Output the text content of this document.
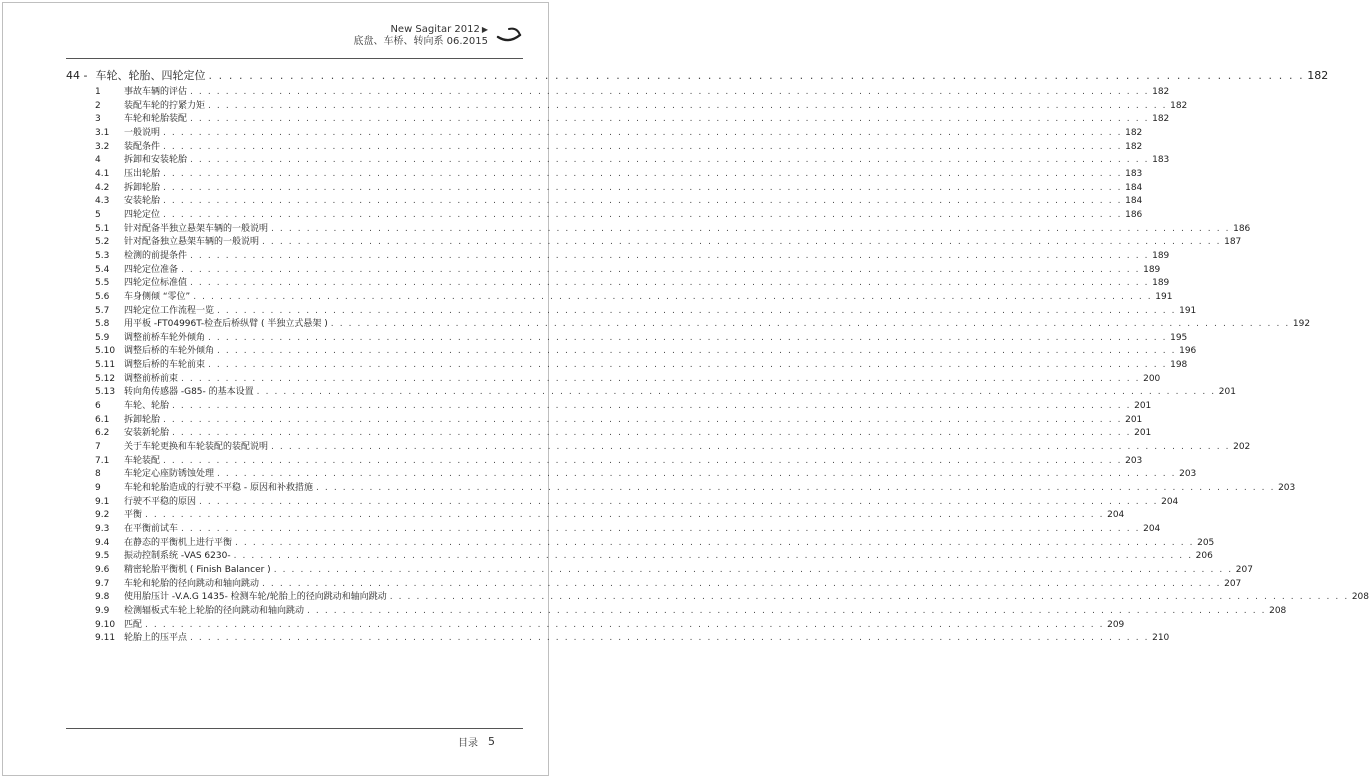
New Sagitar 2012 ▶
底盘、车桥、转向系 06.2015
44 - 车轮、轮胎、四轮定位 . . .	182
1	事故车辆的评估 . . .	182
2	装配车轮的拧紧力矩 . . .	182
3	车轮和轮胎装配 . . .	182
3.1	一般说明 . . .	182
3.2	装配条件 . . .	182
4	拆卸和安装轮胎 . . .	183
4.1	压出轮胎 . . .	183
4.2	拆卸轮胎 . . .	184
4.3	安装轮胎 . . .	184
5	四轮定位 . . .	186
5.1	针对配备半独立悬架车辆的一般说明 . . .	186
5.2	针对配备独立悬架车辆的一般说明 . . .	187
5.3	检测的前提条件 . . .	189
5.4	四轮定位准备 . . .	189
5.5	四轮定位标准值 . . .	189
5.6	车身侧倾 “零位” . . .	191
5.7	四轮定位工作流程一览 . . .	191
5.8	用平板 -FT04996T-检查后桥纵臂 ( 半独立式悬架 ) . . .	192
5.9	调整前桥车轮外倾角 . . .	195
5.10 调整后桥的车轮外倾角 . . .	196
5.11 调整后桥的车轮前束 . . .	198
5.12 调整前桥前束 . . .	200
5.13 转向角传感器 -G85- 的基本设置 . . .	201
6	车轮、轮胎 . . .	201
6.1	拆卸轮胎 . . .	201
6.2	安装新轮胎 . . .	201
7	关于车轮更换和车轮装配的装配说明 . . .	202
7.1	车轮装配 . . .	203
8	车轮定心座防锈蚀处理 . . .	203
9	车轮和轮胎造成的行驶不平稳 - 原因和补救措施 . . .	203
9.1	行驶不平稳的原因 . . .	204
9.2	平衡 . . .	204
9.3	在平衡前试车 . . .	204
9.4	在静态的平衡机上进行平衡 . . .	205
9.5	振动控制系统 -VAS 6230- . . .	206
9.6	精密轮胎平衡机 ( Finish Balancer ) . . .	207
9.7	车轮和轮胎的径向跳动和轴向跳动 . . .	207
9.8	使用胎压计 -V.A.G 1435- 检测车轮/轮胎上的径向跳动和轴向跳动 . . .	208
9.9	检测辐板式车轮上轮胎的径向跳动和轴向跳动 . . .	208
9.10 匹配 . . .	209
9.11 轮胎上的压平点 . . .	210
目录 5
